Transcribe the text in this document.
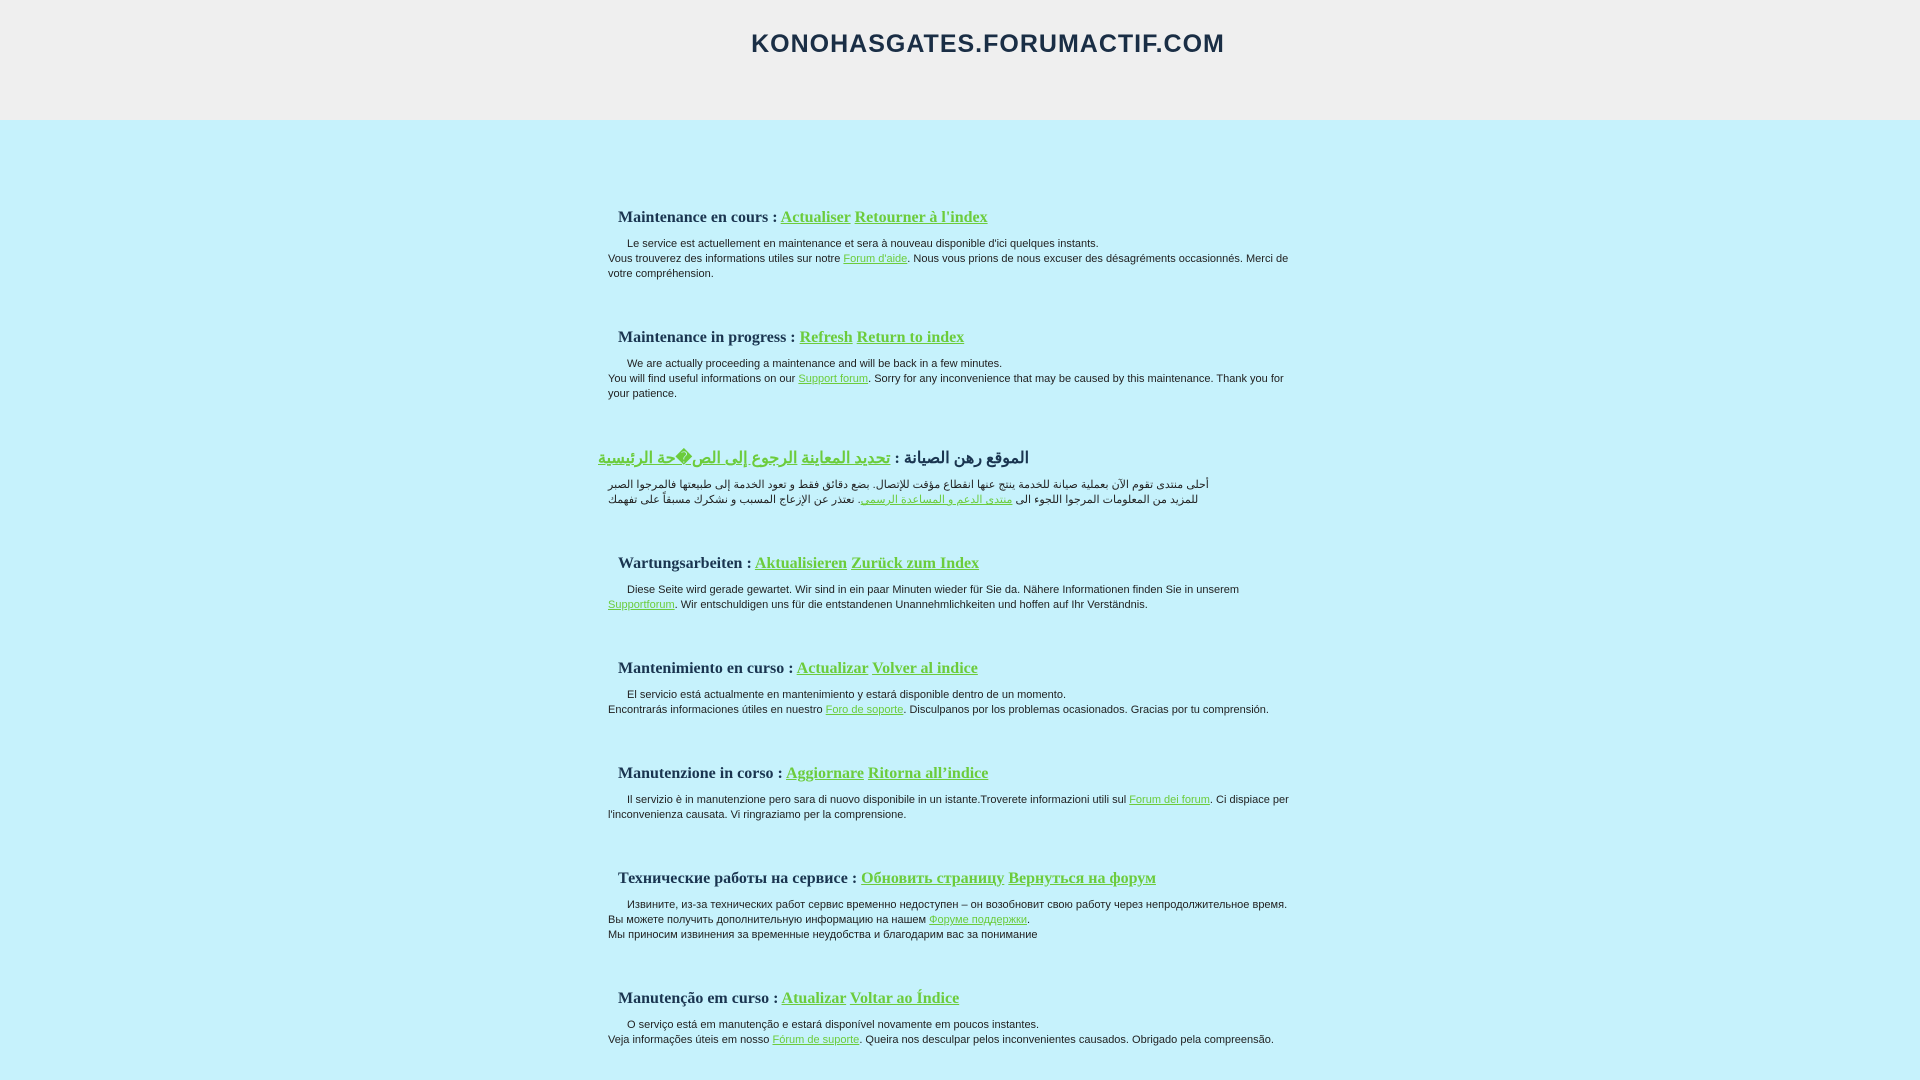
KONOHASGATES.FORUMACTIF.COM
Maintenance en cours : Actualiser Retourner à l'index
Le service est actuellement en maintenance et sera à nouveau disponible d'ici quelques instants.
Vous trouverez des informations utiles sur notre Forum d'aide. Nous vous prions de nous excuser des désagréments occasionnés. Merci de votre compréhension.
Maintenance in progress : Refresh Return to index
We are actually proceeding a maintenance and will be back in a few minutes.
You will find useful informations on our Support forum. Sorry for any inconvenience that may be caused by this maintenance. Thank you for your patience.
الموقع رهن الصيانة : تحديد المعاينة الرجوع إلى الص�حة الرئيسية
أحلى منتدى تقوم الآن بعملية صيانة للخدمة ينتج عنها انقطاع مؤقت للإتصال. بضع دقائق فقط و تعود الخدمة إلى طبيعتها فالمرجوا الصبر
للمزيد من المعلومات المرجوا اللجوء الى منتدى الدعم و المساعدة الرسمي. نعتذر عن الإزعاج المسبب و نشكرك مسبقاً على تفهمك
Wartungsarbeiten : Aktualisieren Zurück zum Index
Diese Seite wird gerade gewartet. Wir sind in ein paar Minuten wieder für Sie da. Nähere Informationen finden Sie in unserem Supportforum. Wir entschuldigen uns für die entstandenen Unannehmlichkeiten und hoffen auf Ihr Verständnis.
Mantenimiento en curso : Actualizar Volver al indice
El servicio está actualmente en mantenimiento y estará disponible dentro de un momento.
Encontrarás informaciones útiles en nuestro Foro de soporte. Disculpanos por los problemas ocasionados. Gracias por tu comprensión.
Manutenzione in corso : Aggiornare Ritorna all’indice
Il servizio è in manutenzione pero sara di nuovo disponibile in un istante.Troverete informazioni utili sul Forum dei forum. Ci dispiace per l'inconvenienza causata. Vi ringraziamo per la comprensione.
Технические работы на сервисе : Обновить страницу Вернуться на форум
Извините, из-за технических работ сервис временно недоступен – он возобновит свою работу через непродолжительное время.
Вы можете получить дополнительную информацию на нашем Форуме поддержки.
Мы приносим извинения за временные неудобства и благодарим вас за понимание
Manutenção em curso : Atualizar Voltar ao Índice
O serviço está em manutenção e estará disponível novamente em poucos instantes.
Veja informações úteis em nosso Fórum de suporte. Queira nos desculpar pelos inconvenientes causados. Obrigado pela compreensão.
